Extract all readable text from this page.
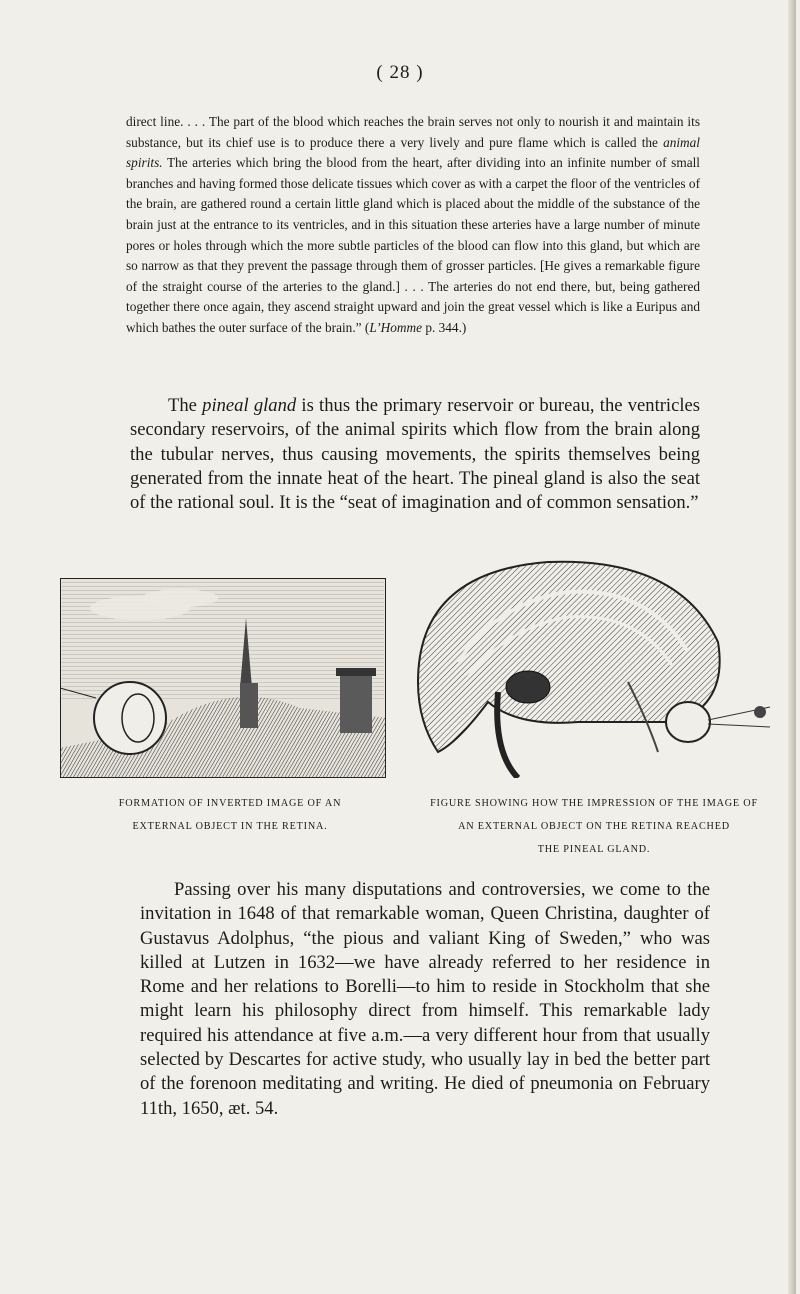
( 28 )
direct line. . . . The part of the blood which reaches the brain serves not only to nourish it and maintain its substance, but its chief use is to produce there a very lively and pure flame which is called the animal spirits. The arteries which bring the blood from the heart, after dividing into an infinite number of small branches and having formed those delicate tissues which cover as with a carpet the floor of the ventricles of the brain, are gathered round a certain little gland which is placed about the middle of the substance of the brain just at the entrance to its ventricles, and in this situation these arteries have a large number of minute pores or holes through which the more subtle particles of the blood can flow into this gland, but which are so narrow as that they prevent the passage through them of grosser particles. [He gives a remarkable figure of the straight course of the arteries to the gland.] . . . The arteries do not end there, but, being gathered together there once again, they ascend straight upward and join the great vessel which is like a Euripus and which bathes the outer surface of the brain.” (L’Homme p. 344.)
The pineal gland is thus the primary reservoir or bureau, the ventricles secondary reservoirs, of the animal spirits which flow from the brain along the tubular nerves, thus causing movements, the spirits themselves being generated from the innate heat of the heart. The pineal gland is also the seat of the rational soul. It is the “seat of imagination and of common sensation.”
FORMATION OF INVERTED IMAGE OF AN
EXTERNAL OBJECT IN THE RETINA.
FIGURE SHOWING HOW THE IMPRESSION OF THE IMAGE OF
AN EXTERNAL OBJECT ON THE RETINA REACHED
THE PINEAL GLAND.
Passing over his many disputations and controversies, we come to the invitation in 1648 of that remarkable woman, Queen Christina, daughter of Gustavus Adolphus, “the pious and valiant King of Sweden,” who was killed at Lutzen in 1632—we have already referred to her residence in Rome and her relations to Borelli—to him to reside in Stockholm that she might learn his philosophy direct from himself. This remarkable lady required his attendance at five a.m.—a very different hour from that usually selected by Descartes for active study, who usually lay in bed the better part of the forenoon meditating and writing. He died of pneumonia on February 11th, 1650, æt. 54.
